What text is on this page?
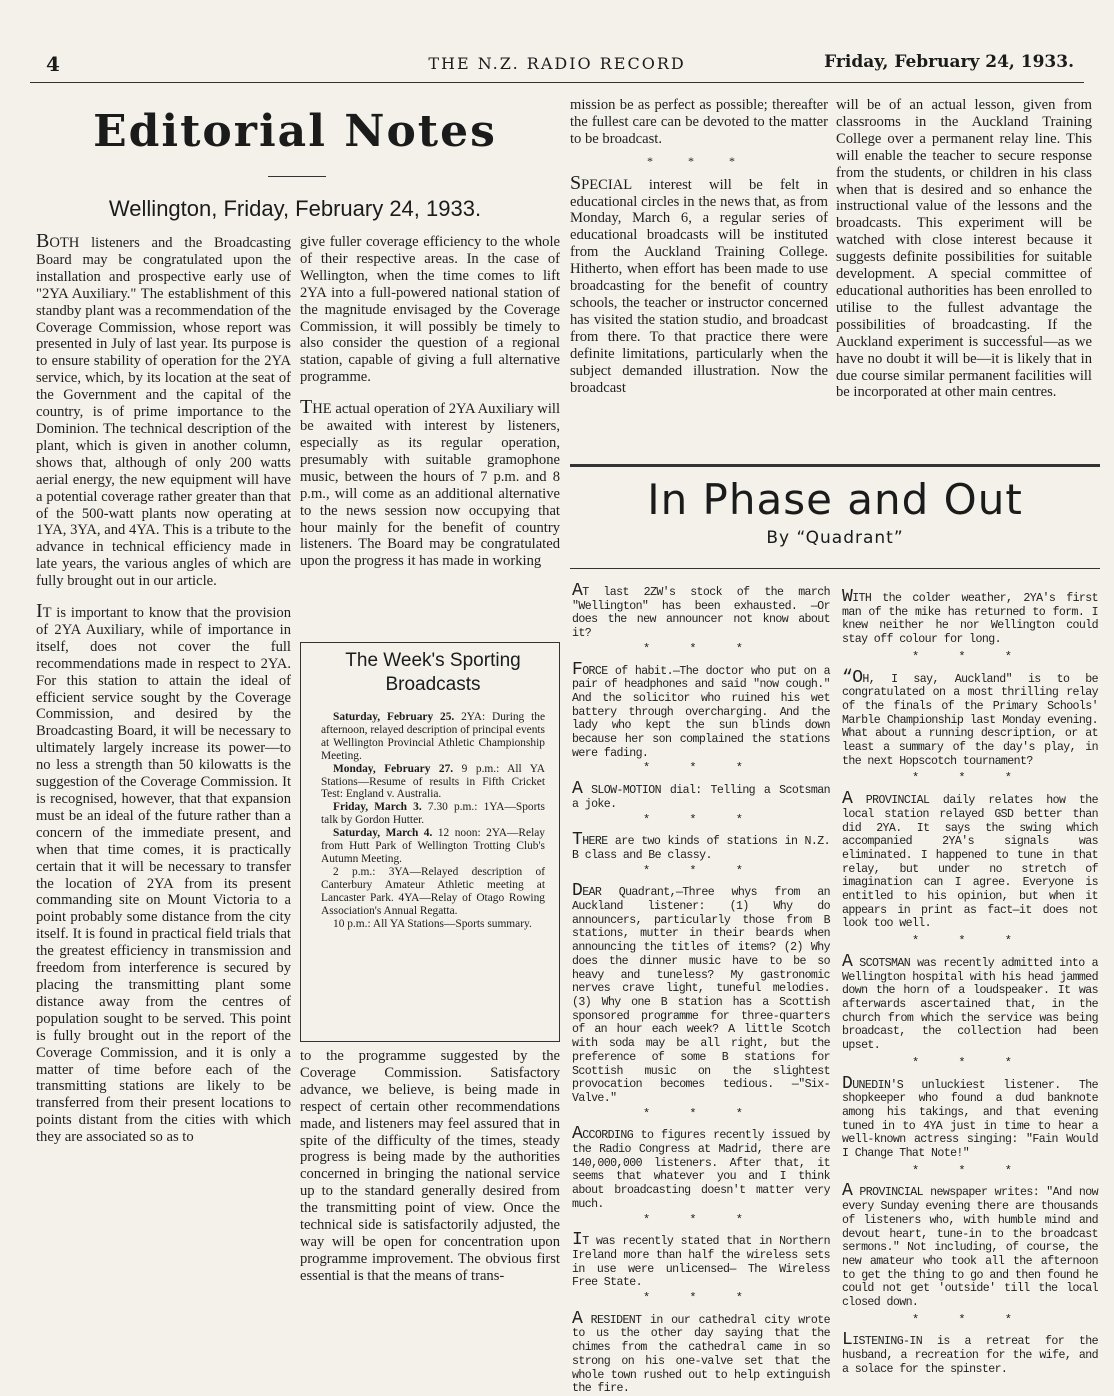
4	THE N.Z. RADIO RECORD	Friday, February 24, 1933.
Editorial Notes
Wellington, Friday, February 24, 1933.

BOTH listeners and the Broadcasting Board may be congratulated upon the installation and prospective early use of "2YA Auxiliary." The establishment of this standby plant was a recommendation of the Coverage Commission, whose report was presented in July of last year. Its purpose is to ensure stability of operation for the 2YA service, which, by its location at the seat of the Government and the capital of the country, is of prime importance to the Dominion. The technical description of the plant, which is given in another column, shows that, although of only 200 watts aerial energy, the new equipment will have a potential coverage rather greater than that of the 500-watt plants now operating at 1YA, 3YA, and 4YA. This is a tribute to the advance in technical efficiency made in late years, the various angles of which are fully brought out in our article.

IT is important to know that the provision of 2YA Auxiliary, while of importance in itself, does not cover the full recommendations made in respect to 2YA. For this station to attain the ideal of efficient service sought by the Coverage Commission, and desired by the Broadcasting Board, it will be necessary to ultimately largely increase its power—to no less a strength than 50 kilowatts is the suggestion of the Coverage Commission. It is recognised, however, that that expansion must be an ideal of the future rather than a concern of the immediate present, and when that time comes, it is practically certain that it will be necessary to transfer the location of 2YA from its present commanding site on Mount Victoria to a point probably some distance from the city itself. It is found in practical field trials that the greatest efficiency in transmission and freedom from interference is secured by placing the transmitting plant some distance away from the centres of population sought to be served. This point is fully brought out in the report of the Coverage Commission, and it is only a matter of time before each of the transmitting stations are likely to be transferred from their present locations to points distant from the cities with which they are associated so as to

give fuller coverage efficiency to the whole of their respective areas. In the case of Wellington, when the time comes to lift 2YA into a full-powered national station of the magnitude envisaged by the Coverage Commission, it will possibly be timely to also consider the question of a regional station, capable of giving a full alternative programme.

THE actual operation of 2YA Auxiliary will be awaited with interest by listeners, especially as its regular operation, presumably with suitable gramophone music, between the hours of 7 p.m. and 8 p.m., will come as an additional alternative to the news session now occupying that hour mainly for the benefit of country listeners. The Board may be congratulated upon the progress it has made in working

The Week's Sporting Broadcasts

Saturday, February 25. 2YA: During the afternoon, relayed description of principal events at Wellington Provincial Athletic Championship Meeting.

Monday, February 27. 9 p.m.: All YA Stations—Resume of results in Fifth Cricket Test: England v. Australia.

Friday, March 3. 7.30 p.m.: 1YA—Sports talk by Gordon Hutter.

Saturday, March 4. 12 noon: 2YA—Relay from Hutt Park of Wellington Trotting Club's Autumn Meeting.

2 p.m.: 3YA—Relayed description of Canterbury Amateur Athletic meeting at Lancaster Park. 4YA—Relay of Otago Rowing Association's Annual Regatta.

10 p.m.: All YA Stations—Sports summary.

to the programme suggested by the Coverage Commission. Satisfactory advance, we believe, is being made in respect of certain other recommendations made, and listeners may feel assured that in spite of the difficulty of the times, steady progress is being made by the authorities concerned in bringing the national service up to the standard generally desired from the transmitting point of view. Once the technical side is satisfactorily adjusted, the way will be open for concentration upon programme improvement. The obvious first essential is that the means of trans-

mission be as perfect as possible; thereafter the fullest care can be devoted to the matter to be broadcast.

* * *

SPECIAL interest will be felt in educational circles in the news that, as from Monday, March 6, a regular series of educational broadcasts will be instituted from the Auckland Training College. Hitherto, when effort has been made to use broadcasting for the benefit of country schools, the teacher or instructor concerned has visited the station studio, and broadcast from there. To that practice there were definite limitations, particularly when the subject demanded illustration. Now the broadcast

will be of an actual lesson, given from classrooms in the Auckland Training College over a permanent relay line. This will enable the teacher to secure response from the students, or children in his class when that is desired and so enhance the instructional value of the lessons and the broadcasts. This experiment will be watched with close interest because it suggests definite possibilities for suitable development. A special committee of educational authorities has been enrolled to utilise to the fullest advantage the possibilities of broadcasting. If the Auckland experiment is successful—as we have no doubt it will be—it is likely that in due course similar permanent facilities will be incorporated at other main centres.

In Phase and Out
By “Quadrant”

AT last 2ZW's stock of the march "Wellington" has been exhausted. —Or does the new announcer not know about it?

* * *

FORCE of habit.—The doctor who put on a pair of headphones and said "now cough." And the solicitor who ruined his wet battery through overcharging. And the lady who kept the sun blinds down because her son complained the stations were fading.

* * *

A SLOW-MOTION dial: Telling a Scotsman a joke.

* * *

THERE are two kinds of stations in N.Z. B class and Be classy.

* * *

DEAR Quadrant,—Three whys from an Auckland listener: (1) Why do announcers, particularly those from B stations, mutter in their beards when announcing the titles of items? (2) Why does the dinner music have to be so heavy and tuneless? My gastronomic nerves crave light, tuneful melodies. (3) Why one B station has a Scottish sponsored programme for three-quarters of an hour each week? A little Scotch with soda may be all right, but the preference of some B stations for Scottish music on the slightest provocation becomes tedious. —"Six-Valve."

* * *

ACCORDING to figures recently issued by the Radio Congress at Madrid, there are 140,000,000 listeners. After that, it seems that whatever you and I think about broadcasting doesn't matter very much.

* * *

IT was recently stated that in Northern Ireland more than half the wireless sets in use were unlicensed— The Wireless Free State.

* * *

A RESIDENT in our cathedral city wrote to us the other day saying that the chimes from the cathedral came in so strong on his one-valve set that the whole town rushed out to help extinguish the fire.

WITH the colder weather, 2YA's first man of the mike has returned to form. I knew neither he nor Wellington could stay off colour for long.

* * *

“OH, I say, Auckland" is to be congratulated on a most thrilling relay of the finals of the Primary Schools' Marble Championship last Monday evening. What about a running description, or at least a summary of the day's play, in the next Hopscotch tournament?

* * *

A PROVINCIAL daily relates how the local station relayed GSD better than did 2YA. It says the swing which accompanied 2YA's signals was eliminated. I happened to tune in that relay, but under no stretch of imagination can I agree. Everyone is entitled to his opinion, but when it appears in print as fact—it does not look too well.

* * *

A SCOTSMAN was recently admitted into a Wellington hospital with his head jammed down the horn of a loudspeaker. It was afterwards ascertained that, in the church from which the service was being broadcast, the collection had been upset.

* * *

DUNEDIN'S unluckiest listener. The shopkeeper who found a dud banknote among his takings, and that evening tuned in to 4YA just in time to hear a well-known actress singing: "Fain Would I Change That Note!"

* * *

A PROVINCIAL newspaper writes: "And now every Sunday evening there are thousands of listeners who, with humble mind and devout heart, tune-in to the broadcast sermons." Not including, of course, the new amateur who took all the afternoon to get the thing to go and then found he could not get 'outside' till the local closed down.

* * *

LISTENING-IN is a retreat for the husband, a recreation for the wife, and a solace for the spinster.
